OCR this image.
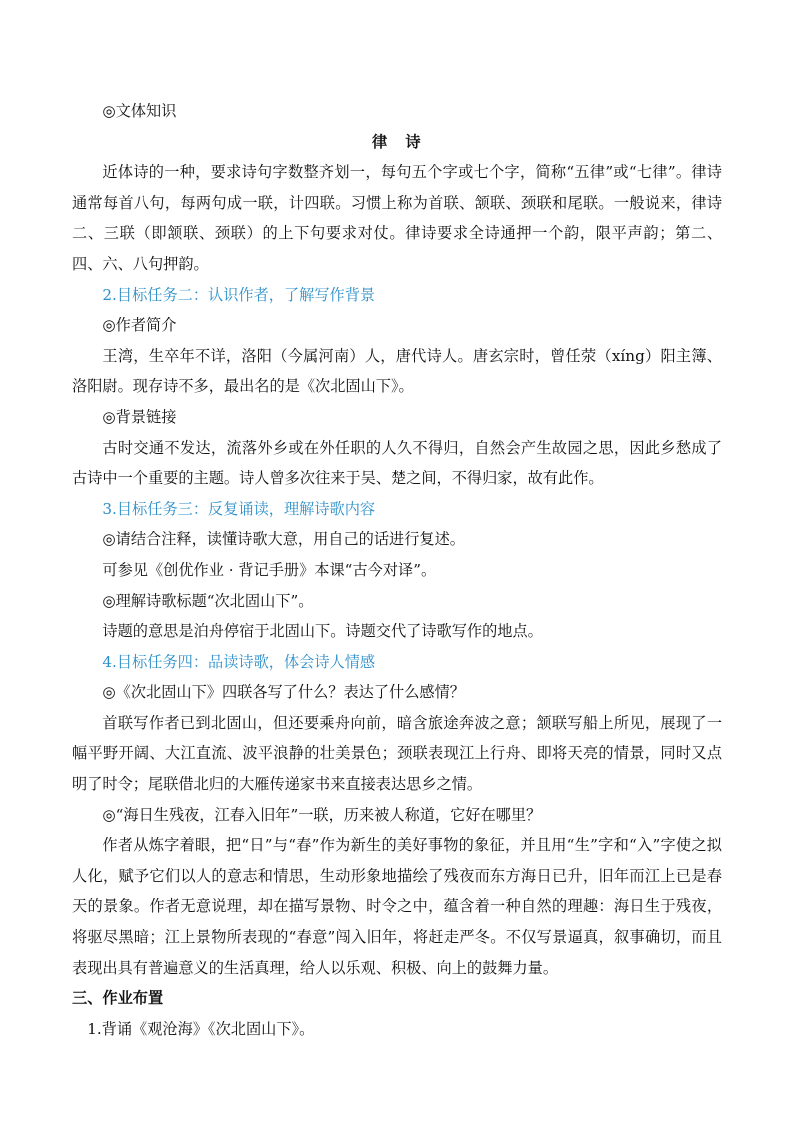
◎文体知识

律　诗

近体诗的一种，要求诗句字数整齐划一，每句五个字或七个字，简称“五律”或“七律”。律诗通常每首八句，每两句成一联，计四联。习惯上称为首联、颔联、颈联和尾联。一般说来，律诗二、三联（即颔联、颈联）的上下句要求对仗。律诗要求全诗通押一个韵，限平声韵；第二、四、六、八句押韵。

2.目标任务二：认识作者，了解写作背景

◎作者简介

王湾，生卒年不详，洛阳（今属河南）人，唐代诗人。唐玄宗时，曾任荥（xíng）阳主簿、洛阳尉。现存诗不多，最出名的是《次北固山下》。

◎背景链接

古时交通不发达，流落外乡或在外任职的人久不得归，自然会产生故园之思，因此乡愁成了古诗中一个重要的主题。诗人曾多次往来于吴、楚之间，不得归家，故有此作。

3.目标任务三：反复诵读，理解诗歌内容

◎请结合注释，读懂诗歌大意，用自己的话进行复述。

可参见《创优作业 · 背记手册》本课“古今对译”。

◎理解诗歌标题“次北固山下”。

诗题的意思是泊舟停宿于北固山下。诗题交代了诗歌写作的地点。

4.目标任务四：品读诗歌，体会诗人情感

◎《次北固山下》四联各写了什么？表达了什么感情？

首联写作者已到北固山，但还要乘舟向前，暗含旅途奔波之意；颔联写船上所见，展现了一幅平野开阔、大江直流、波平浪静的壮美景色；颈联表现江上行舟、即将天亮的情景，同时又点明了时令；尾联借北归的大雁传递家书来直接表达思乡之情。

◎“海日生残夜，江春入旧年”一联，历来被人称道，它好在哪里？

作者从炼字着眼，把“日”与“春”作为新生的美好事物的象征，并且用“生”字和“入”字使之拟人化，赋予它们以人的意志和情思，生动形象地描绘了残夜而东方海日已升，旧年而江上已是春天的景象。作者无意说理，却在描写景物、时令之中，蕴含着一种自然的理趣：海日生于残夜，将驱尽黑暗；江上景物所表现的“春意”闯入旧年，将赶走严冬。不仅写景逼真，叙事确切，而且表现出具有普遍意义的生活真理，给人以乐观、积极、向上的鼓舞力量。

三、作业布置

1.背诵《观沧海》《次北固山下》。
